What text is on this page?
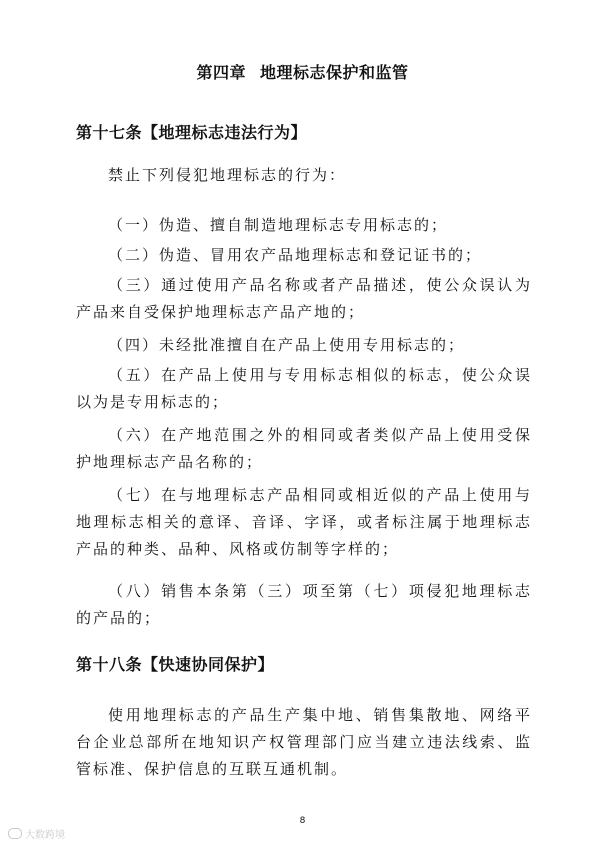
第四章 地理标志保护和监管
第十七条【地理标志违法行为】
禁止下列侵犯地理标志的行为：
（一）伪造、擅自制造地理标志专用标志的；
（二）伪造、冒用农产品地理标志和登记证书的；
（三）通过使用产品名称或者产品描述，使公众误认为产品来自受保护地理标志产品产地的；
（四）未经批准擅自在产品上使用专用标志的；
（五）在产品上使用与专用标志相似的标志，使公众误以为是专用标志的；
（六）在产地范围之外的相同或者类似产品上使用受保护地理标志产品名称的；
（七）在与地理标志产品相同或相近似的产品上使用与地理标志相关的意译、音译、字译，或者标注属于地理标志产品的种类、品种、风格或仿制等字样的；
（八）销售本条第（三）项至第（七）项侵犯地理标志的产品的；
第十八条【快速协同保护】
使用地理标志的产品生产集中地、销售集散地、网络平台企业总部所在地知识产权管理部门应当建立违法线索、监管标准、保护信息的互联互通机制。
8
大数跨境
